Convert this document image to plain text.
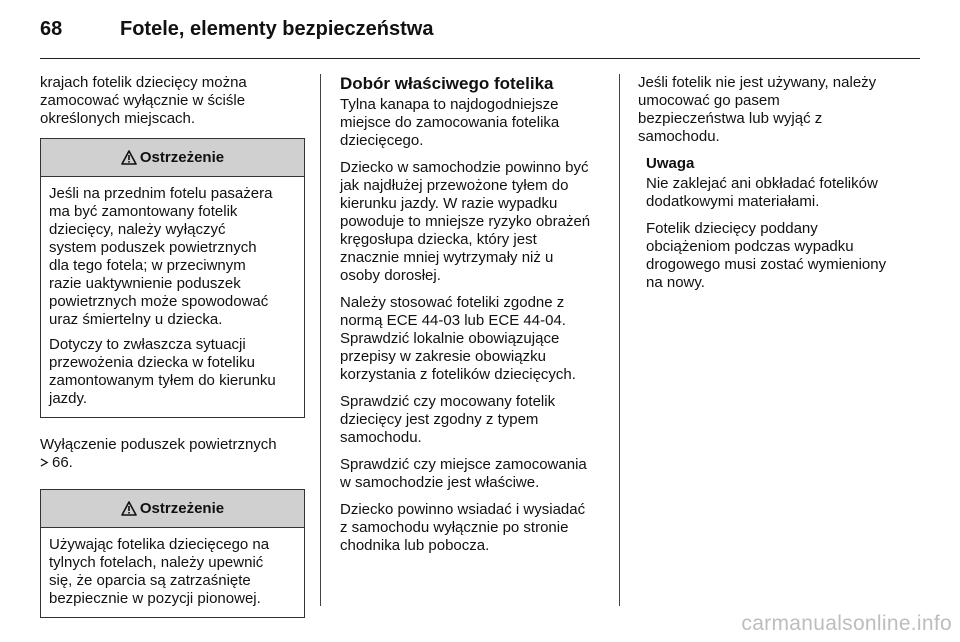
68	Fotele, elementy bezpieczeństwa

krajach fotelik dziecięcy można
zamocować wyłącznie w ściśle
określonych miejscach.

Ostrzeżenie

Jeśli na przednim fotelu pasażera
ma być zamontowany fotelik
dziecięcy, należy wyłączyć
system poduszek powietrznych
dla tego fotela; w przeciwnym
razie uaktywnienie poduszek
powietrznych może spowodować
uraz śmiertelny u dziecka.

Dotyczy to zwłaszcza sytuacji
przewożenia dziecka w foteliku
zamontowanym tyłem do kierunku
jazdy.

Wyłączenie poduszek powietrznych
66.

Ostrzeżenie

Używając fotelika dziecięcego na
tylnych fotelach, należy upewnić
się, że oparcia są zatrzaśnięte
bezpiecznie w pozycji pionowej.

Dobór właściwego fotelika

Tylna kanapa to najdogodniejsze
miejsce do zamocowania fotelika
dziecięcego.

Dziecko w samochodzie powinno być
jak najdłużej przewożone tyłem do
kierunku jazdy. W razie wypadku
powoduje to mniejsze ryzyko obrażeń
kręgosłupa dziecka, który jest
znacznie mniej wytrzymały niż u
osoby dorosłej.

Należy stosować foteliki zgodne z
normą ECE 44-03 lub ECE 44-04.
Sprawdzić lokalnie obowiązujące
przepisy w zakresie obowiązku
korzystania z fotelików dziecięcych.

Sprawdzić czy mocowany fotelik
dziecięcy jest zgodny z typem
samochodu.

Sprawdzić czy miejsce zamocowania
w samochodzie jest właściwe.

Dziecko powinno wsiadać i wysiadać
z samochodu wyłącznie po stronie
chodnika lub pobocza.

Jeśli fotelik nie jest używany, należy
umocować go pasem
bezpieczeństwa lub wyjąć z
samochodu.

Uwaga

Nie zaklejać ani obkładać fotelików
dodatkowymi materiałami.

Fotelik dziecięcy poddany
obciążeniom podczas wypadku
drogowego musi zostać wymieniony
na nowy.

carmanualsonline.info
